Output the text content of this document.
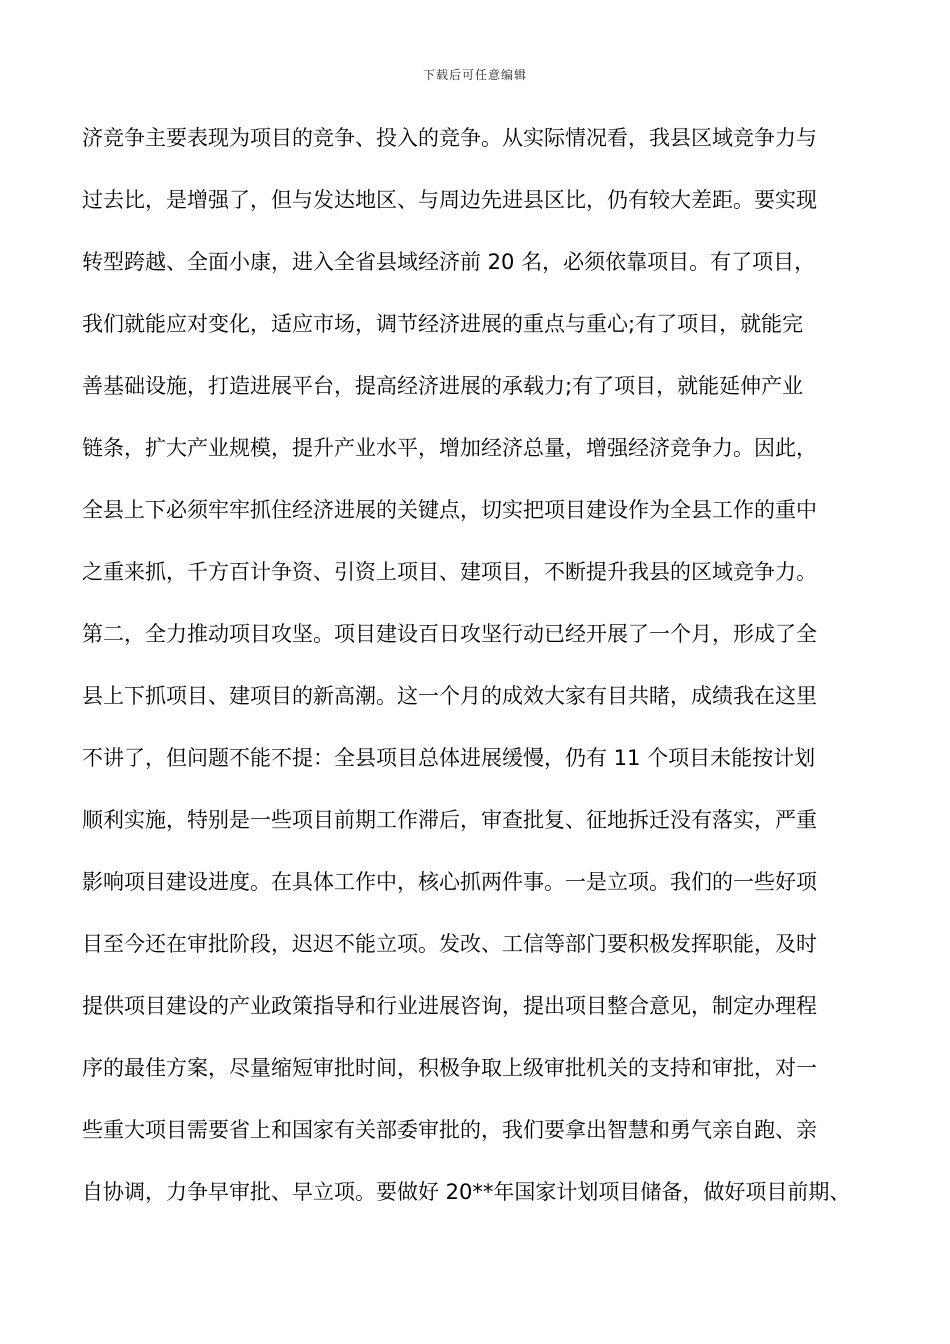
下载后可任意编辑
济竞争主要表现为项目的竞争、投入的竞争。从实际情况看，我县区域竞争力与
过去比，是增强了，但与发达地区、与周边先进县区比，仍有较大差距。要实现
转型跨越、全面小康，进入全省县域经济前 20 名，必须依靠项目。有了项目，
我们就能应对变化，适应市场，调节经济进展的重点与重心;有了项目，就能完
善基础设施，打造进展平台，提高经济进展的承载力;有了项目，就能延伸产业
链条，扩大产业规模，提升产业水平，增加经济总量，增强经济竞争力。因此，
全县上下必须牢牢抓住经济进展的关键点，切实把项目建设作为全县工作的重中
之重来抓，千方百计争资、引资上项目、建项目，不断提升我县的区域竞争力。
第二，全力推动项目攻坚。项目建设百日攻坚行动已经开展了一个月，形成了全
县上下抓项目、建项目的新高潮。这一个月的成效大家有目共睹，成绩我在这里
不讲了，但问题不能不提：全县项目总体进展缓慢，仍有 11 个项目未能按计划
顺利实施，特别是一些项目前期工作滞后，审查批复、征地拆迁没有落实，严重
影响项目建设进度。在具体工作中，核心抓两件事。一是立项。我们的一些好项
目至今还在审批阶段，迟迟不能立项。发改、工信等部门要积极发挥职能，及时
提供项目建设的产业政策指导和行业进展咨询，提出项目整合意见，制定办理程
序的最佳方案，尽量缩短审批时间，积极争取上级审批机关的支持和审批，对一
些重大项目需要省上和国家有关部委审批的，我们要拿出智慧和勇气亲自跑、亲
自协调，力争早审批、早立项。要做好 20**年国家计划项目储备，做好项目前期、
